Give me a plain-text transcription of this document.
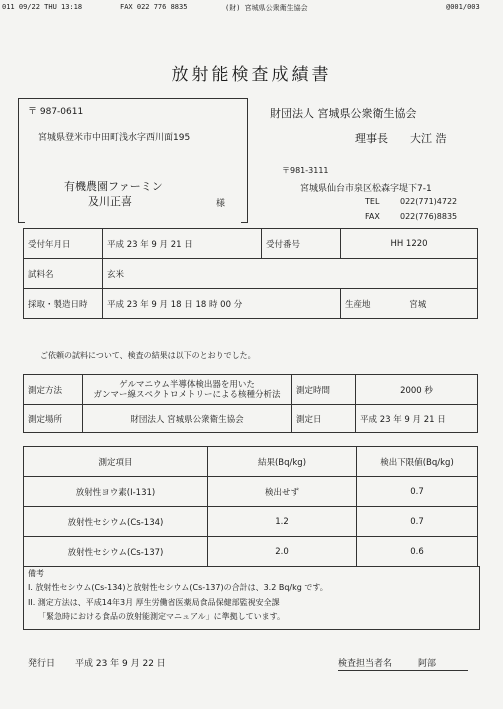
011 09/22 THU 13:18	FAX 022 776 8835	(財) 宮城県公衆衛生協会	@001/003
放射能検査成績書
〒 987-0611
宮城県登米市中田町浅水字西川面195
有機農園ファーミン
及川正喜	様
財団法人 宮城県公衆衛生協会
理事長 大江 浩
〒981-3111
宮城県仙台市泉区松森字堤下7-1
TEL	022(771)4722
FAX	022(776)8835
受付年月日	平成 23 年 9 月 21 日	受付番号	HH 1220
試料名	玄米		
採取・製造日時	平成 23 年 9 月 18 日 18 時 00 分		生産地 宮城
ご依頼の試料について、検査の結果は以下のとおりでした。
測定方法	ゲルマニウム半導体検出器を用いた
ガンマー線スペクトロメトリーによる核種分析法	測定時間	2000 秒
測定場所	財団法人 宮城県公衆衛生協会	測定日	平成 23 年 9 月 21 日
測定項目	結果(Bq/kg)	検出下限値(Bq/kg)
放射性ヨウ素(I-131)	検出せず	0.7
放射性セシウム(Cs-134)	1.2	0.7
放射性セシウム(Cs-137)	2.0	0.6
備考
I. 放射性セシウム(Cs-134)と放射性セシウム(Cs-137)の合計は、3.2 Bq/kg です。
II. 測定方法は、平成14年3月 厚生労働省医薬局食品保健部監視安全課
「緊急時における食品の放射能測定マニュアル」に準拠しています。
発行日 平成 23 年 9 月 22 日	検査担当者名	阿部
